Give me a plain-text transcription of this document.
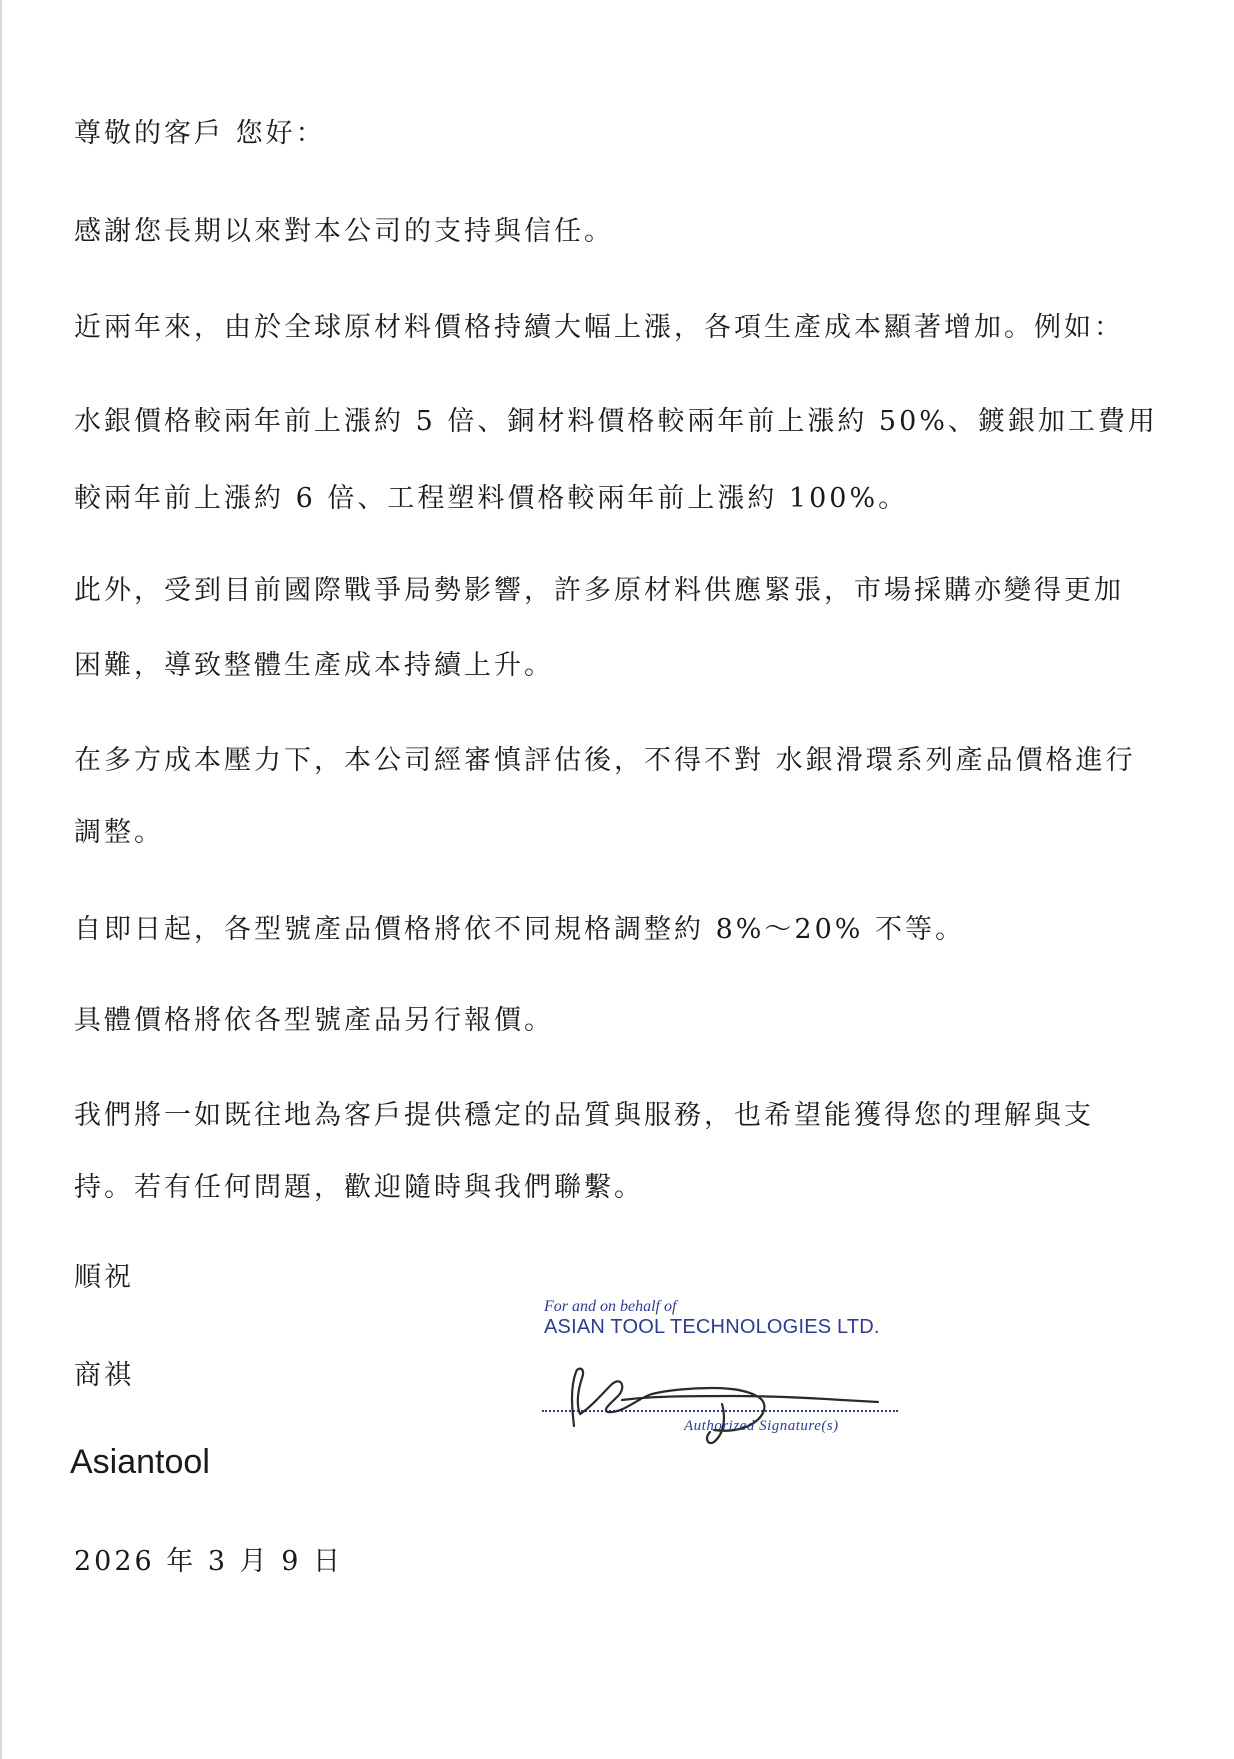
尊敬的客戶 您好：

感謝您長期以來對本公司的支持與信任。

近兩年來，由於全球原材料價格持續大幅上漲，各項生產成本顯著增加。例如：

水銀價格較兩年前上漲約 5 倍、銅材料價格較兩年前上漲約 50%、鍍銀加工費用

較兩年前上漲約 6 倍、工程塑料價格較兩年前上漲約 100%。

此外，受到目前國際戰爭局勢影響，許多原材料供應緊張，市場採購亦變得更加

困難，導致整體生產成本持續上升。

在多方成本壓力下，本公司經審慎評估後，不得不對 水銀滑環系列產品價格進行

調整。

自即日起，各型號產品價格將依不同規格調整約 8%～20% 不等。

具體價格將依各型號產品另行報價。

我們將一如既往地為客戶提供穩定的品質與服務，也希望能獲得您的理解與支

持。若有任何問題，歡迎隨時與我們聯繫。

順祝

商祺

Asiantool

2026 年 3 月 9 日

For and on behalf of

ASIAN TOOL TECHNOLOGIES LTD.

Authorized Signature(s)
